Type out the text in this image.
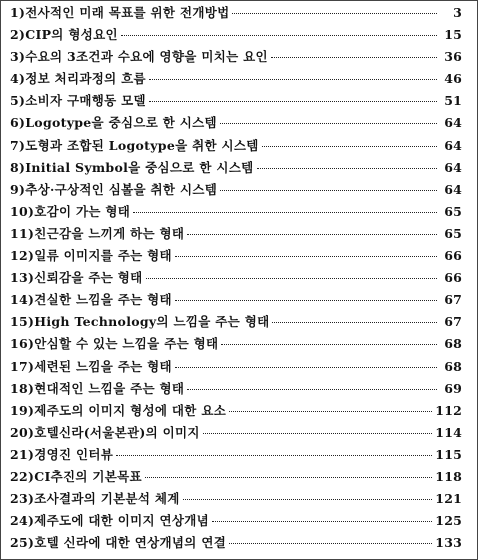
1)전사적인 미래 목표를 위한 전개방법	3
2)CIP의 형성요인	15
3)수요의 3조건과 수요에 영향을 미치는 요인	36
4)정보 처리과정의 흐름	46
5)소비자 구매행동 모델	51
6)Logotype을 중심으로 한 시스템	64
7)도형과 조합된 Logotype을 취한 시스템	64
8)Initial Symbol을 중심으로 한 시스템	64
9)추상·구상적인 심볼을 취한 시스템	64
10)호감이 가는 형태	65
11)친근감을 느끼게 하는 형태	65
12)일류 이미지를 주는 형태	66
13)신뢰감을 주는 형태	66
14)견실한 느낌을 주는 형태	67
15)High Technology의 느낌을 주는 형태	67
16)안심할 수 있는 느낌을 주는 형태	68
17)세련된 느낌을 주는 형태	68
18)현대적인 느낌을 주는 형태	69
19)제주도의 이미지 형성에 대한 요소	112
20)호텔신라(서울본관)의 이미지	114
21)경영진 인터뷰	115
22)CI추진의 기본목표	118
23)조사결과의 기본분석 체계	121
24)제주도에 대한 이미지 연상개념	125
25)호텔 신라에 대한 연상개념의 연결	133
